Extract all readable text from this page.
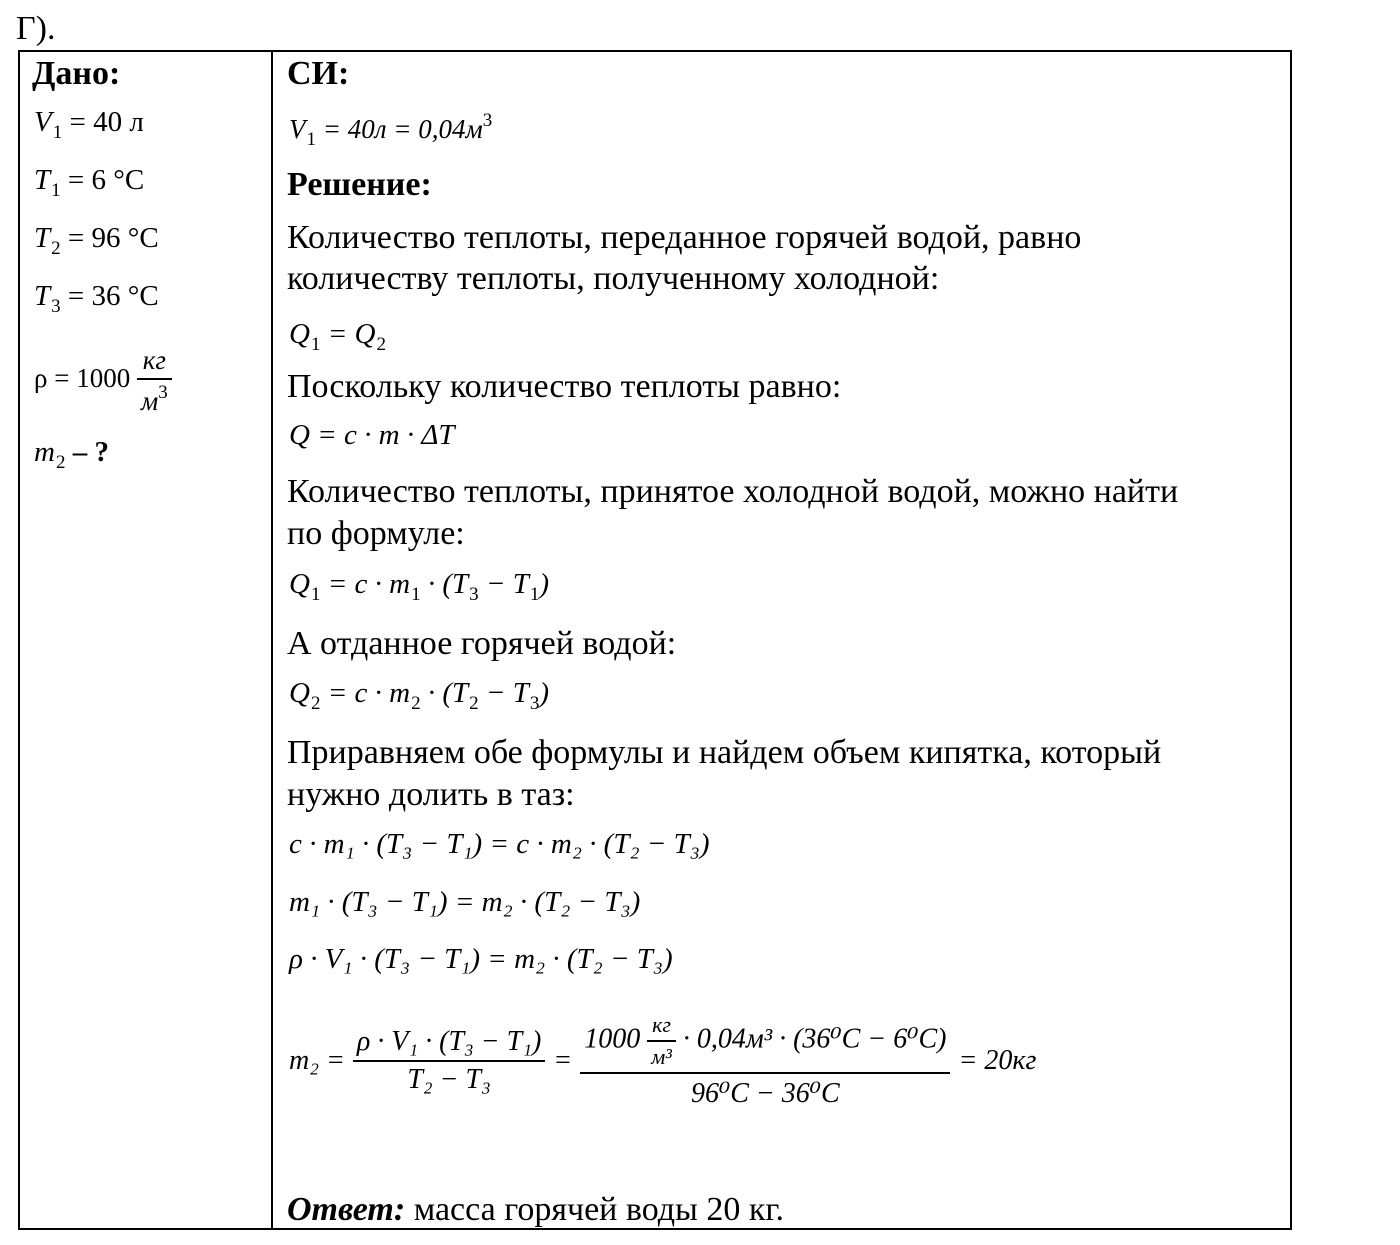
Г).
Дано:
$V_1 = 40$ л
$T_1 = 6$ °C
$T_2 = 96$ °C
$T_3 = 36$ °C
$\rho = 1000 \frac{кг}{м^3}$
$m_2$ – ?
СИ:
$V_1 = 40л = 0,04м^3$
Решение:
Количество теплоты, переданное горячей водой, равно
количеству теплоты, полученному холодной:
$Q_1 = Q_2$
Поскольку количество теплоты равно:
Q = c · m · ΔT
Количество теплоты, принятое холодной водой, можно найти
по формуле:
$Q_1 = c \cdot m_1 \cdot (T_3 - T_1)$
А отданное горячей водой:
$Q_2 = c \cdot m_2 \cdot (T_2 - T_3)$
Приравняем обе формулы и найдем объем кипятка, который
нужно долить в таз:
c · m₁ · (T₃ − T₁) = c · m₂ · (T₂ − T₃)
m₁ · (T₃ − T₁) = m₂ · (T₂ − T₃)
ρ · V₁ · (T₃ − T₁) = m₂ · (T₂ − T₃)
$m_2 = \frac{\text{ρ · V₁ · (T₃ − T₁)}}{\text{T₂ − T₃}}$ =
$1000 \frac{кг}{\text{м³}} \cdot 0,04м^3 \cdot (36^0C - 6^0C)$
96⁰C − 36⁰C
= 20кг
Ответ: масса горячей воды 20 кг.
